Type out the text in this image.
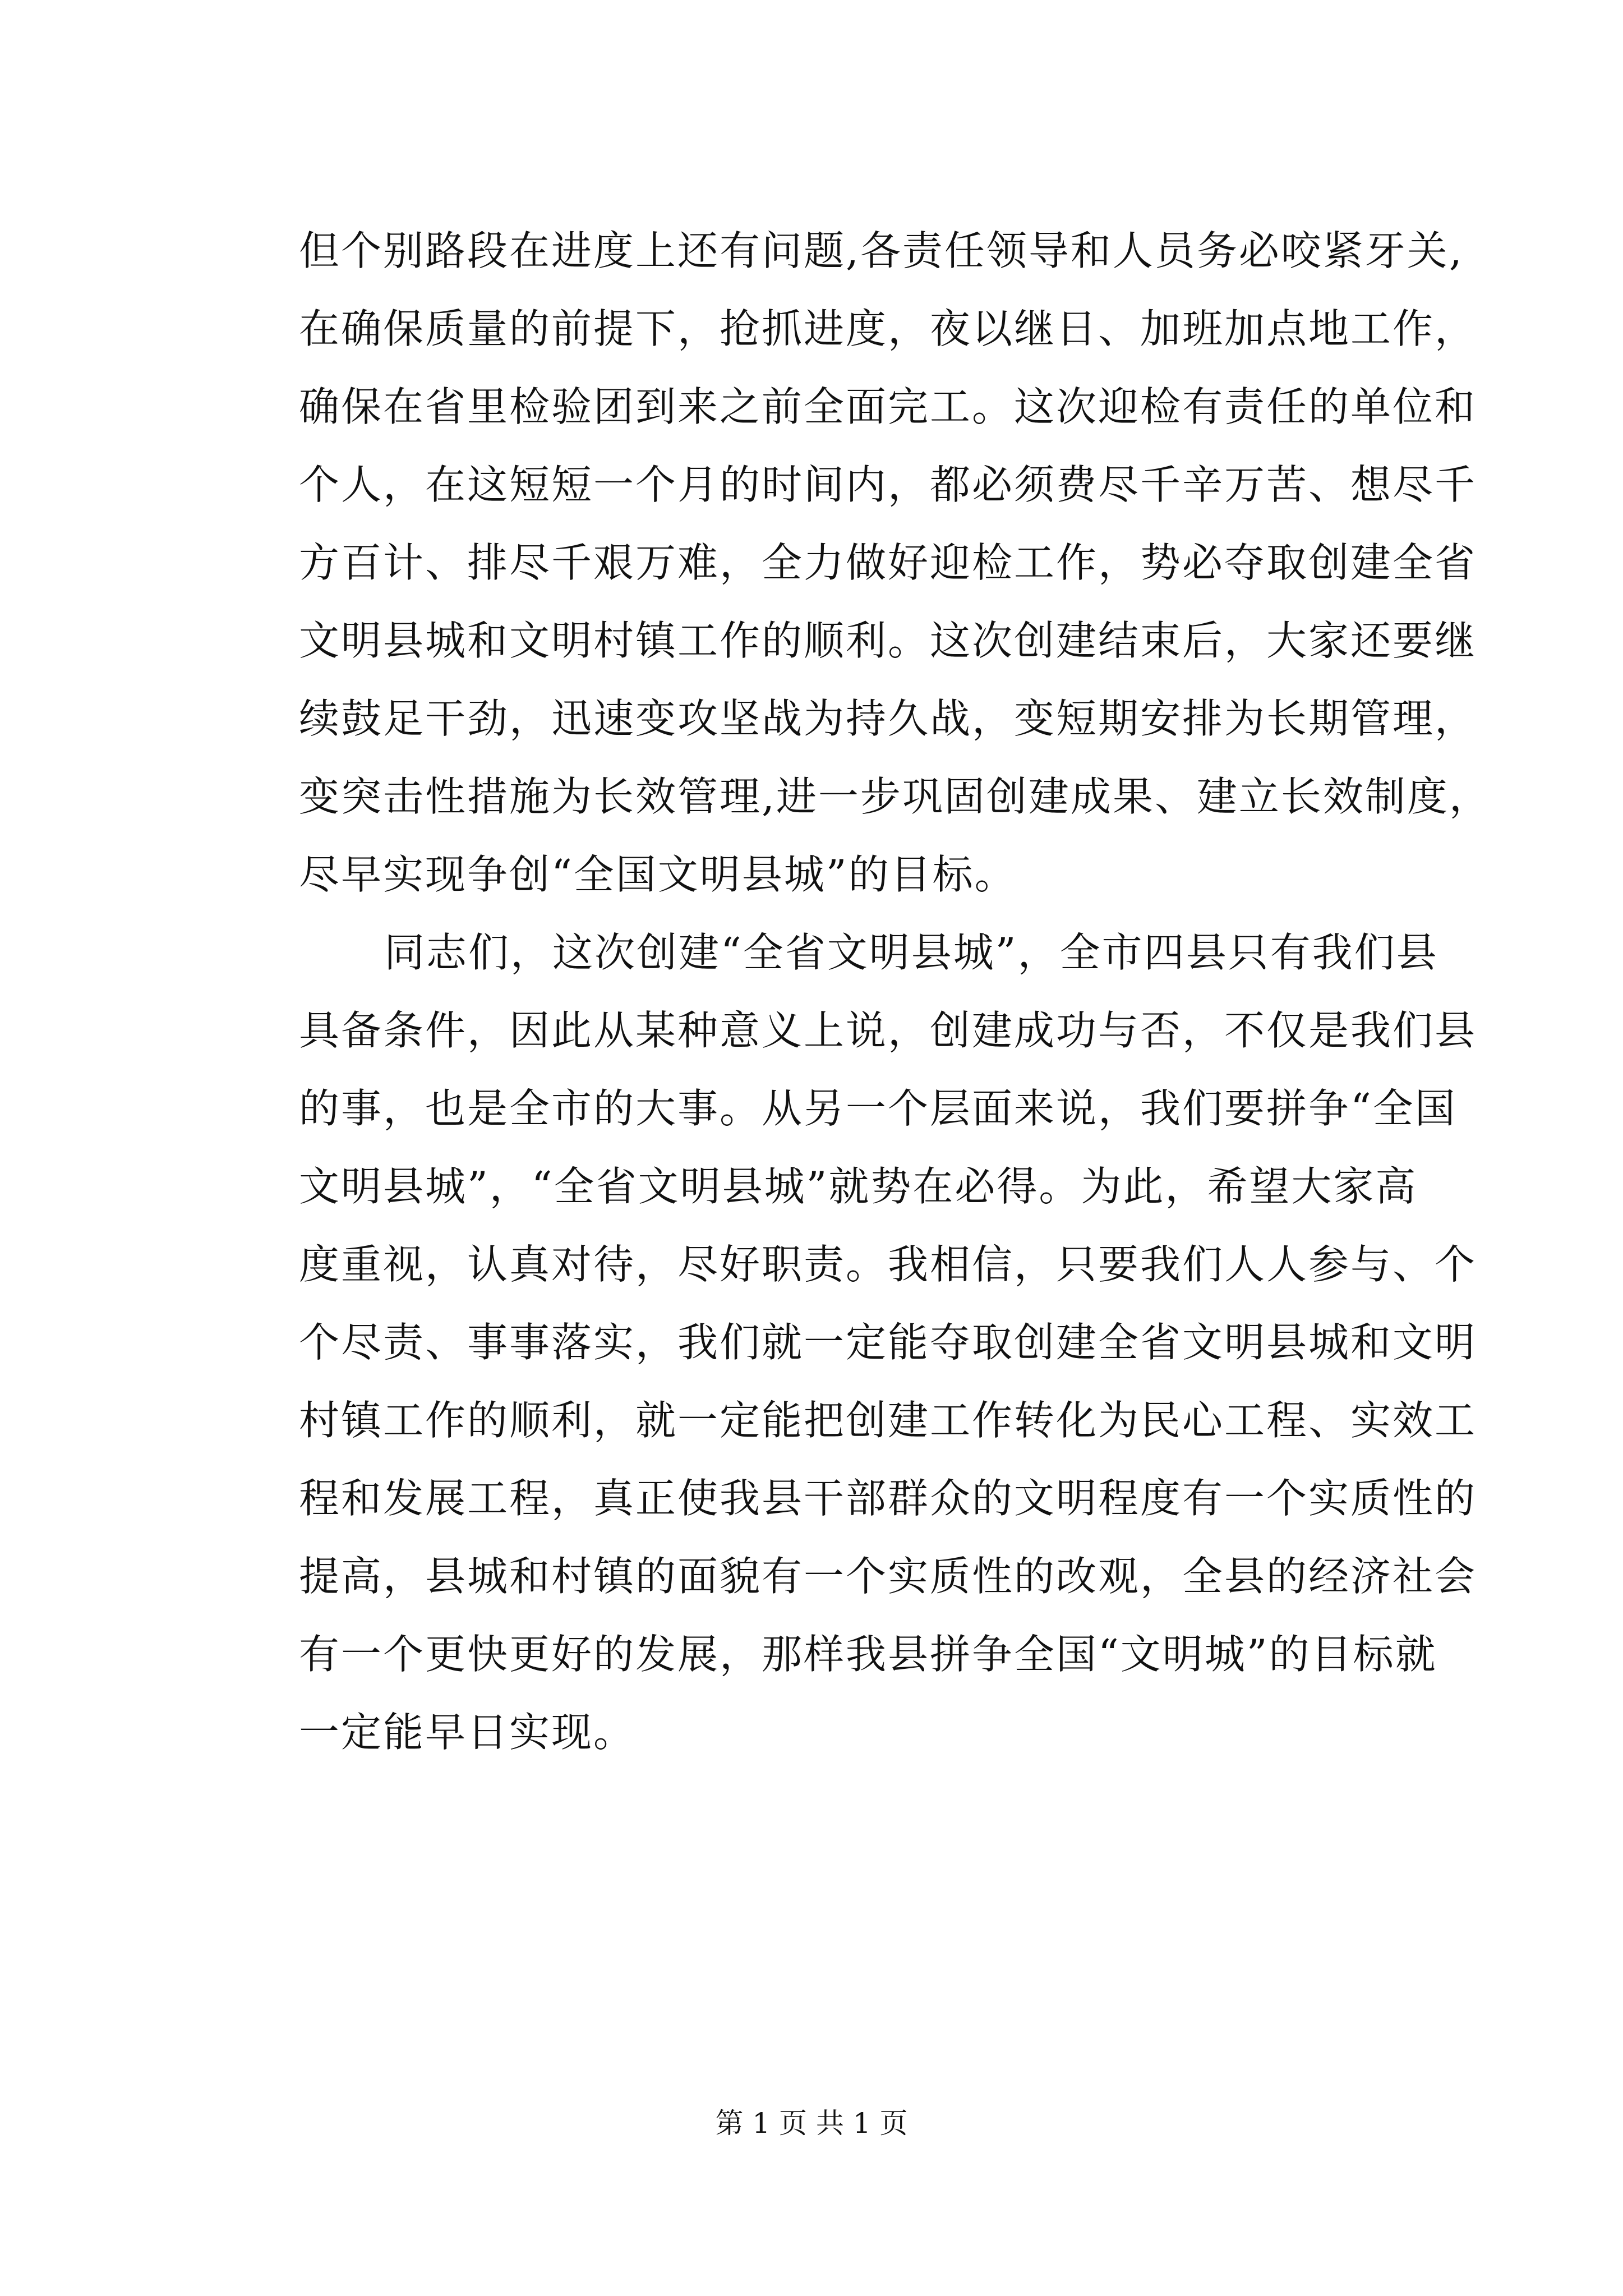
但个别路段在进度上还有问题,各责任领导和人员务必咬紧牙关,
在确保质量的前提下，抢抓进度，夜以继日、加班加点地工作，
确保在省里检验团到来之前全面完工。这次迎检有责任的单位和
个人，在这短短一个月的时间内，都必须费尽千辛万苦、想尽千
方百计、排尽千艰万难，全力做好迎检工作，势必夺取创建全省
文明县城和文明村镇工作的顺利。这次创建结束后，大家还要继
续鼓足干劲，迅速变攻坚战为持久战，变短期安排为长期管理，
变突击性措施为长效管理,进一步巩固创建成果、建立长效制度，
尽早实现争创“全国文明县城”的目标。
同志们，这次创建“全省文明县城”，全市四县只有我们县
具备条件，因此从某种意义上说，创建成功与否，不仅是我们县
的事，也是全市的大事。从另一个层面来说，我们要拼争“全国
文明县城”，“全省文明县城”就势在必得。为此，希望大家高
度重视，认真对待，尽好职责。我相信，只要我们人人参与、个
个尽责、事事落实，我们就一定能夺取创建全省文明县城和文明
村镇工作的顺利，就一定能把创建工作转化为民心工程、实效工
程和发展工程，真正使我县干部群众的文明程度有一个实质性的
提高，县城和村镇的面貌有一个实质性的改观，全县的经济社会
有一个更快更好的发展，那样我县拼争全国“文明城”的目标就
一定能早日实现。
第 1 页 共 1 页
